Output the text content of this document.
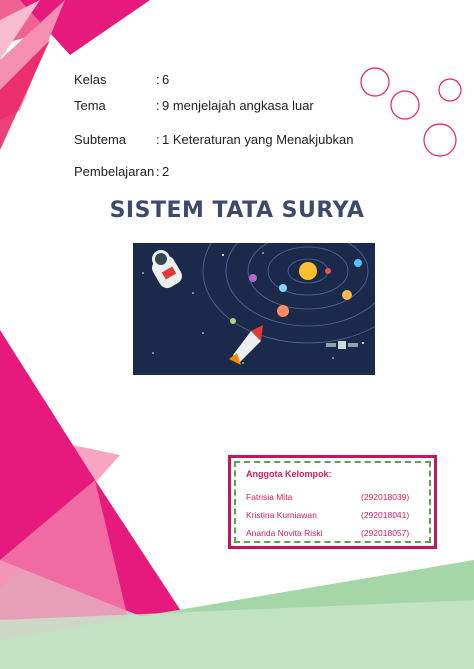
Kelas	: 6
Tema	: 9 menjelajah angkasa luar
Subtema : 1 Keteraturan yang Menakjubkan
Pembelajaran : 2
SISTEM TATA SURYA
Anggota Kelompok:
Fatrisia Mita	(292018039)
Kristina Kurniawan	(292018041)
Ananda Novita Riski	(292018057)
